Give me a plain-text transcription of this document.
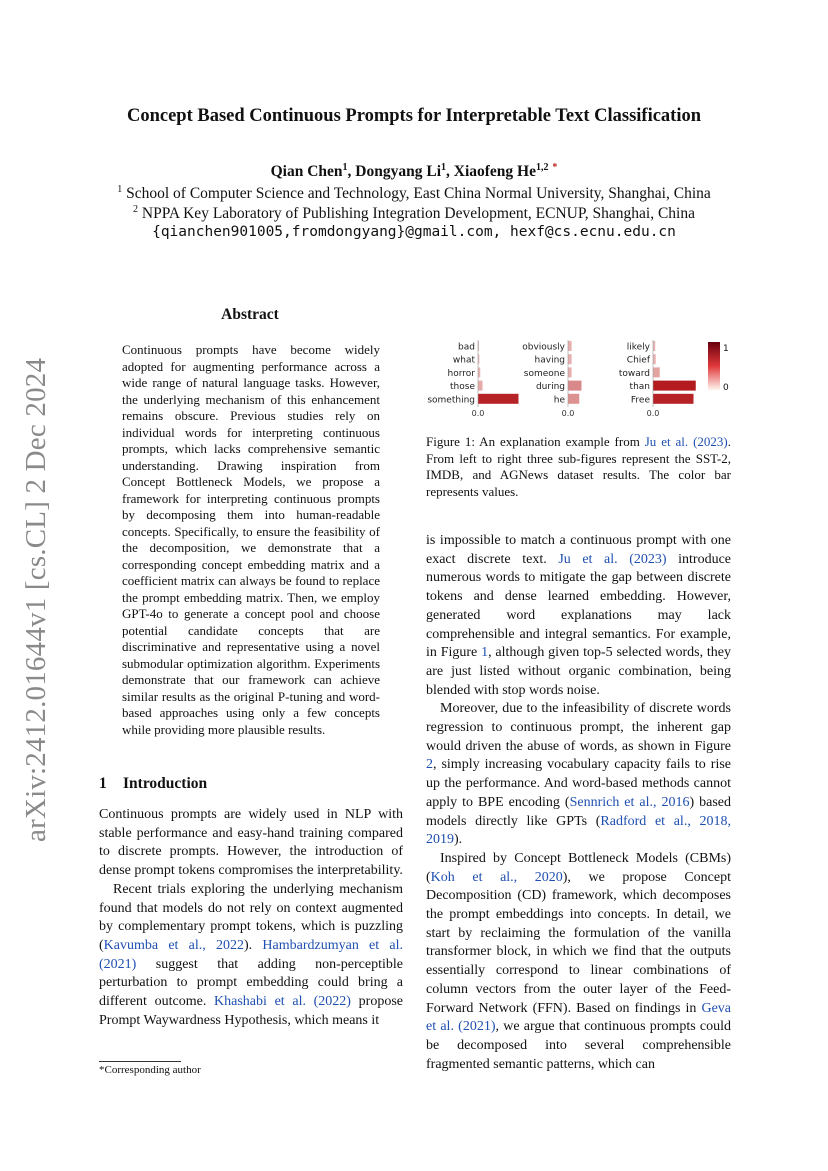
Concept Based Continuous Prompts for Interpretable Text Classification
Qian Chen$^1$, Dongyang Li$^1$, Xiaofeng He$^{1,2}$ *
$^1$ School of Computer Science and Technology, East China Normal University, Shanghai, China
$^2$ NPPA Key Laboratory of Publishing Integration Development, ECNUP, Shanghai, China
{qianchen901005,fromdongyang}@gmail.com, hexf@cs.ecnu.edu.cn
arXiv:2412.01644v1 [cs.CL] 2 Dec 2024
Abstract
Continuous prompts have become widely adopted for augmenting performance across a wide range of natural language tasks. However, the underlying mechanism of this enhancement remains obscure. Previous studies rely on individual words for interpreting continuous prompts, which lacks comprehensive semantic understanding. Drawing inspiration from Concept Bottleneck Models, we propose a framework for interpreting continuous prompts by decomposing them into human-readable concepts. Specifically, to ensure the feasibility of the decomposition, we demonstrate that a corresponding concept embedding matrix and a coefficient matrix can always be found to replace the prompt embedding matrix. Then, we employ GPT-4o to generate a concept pool and choose potential candidate concepts that are discriminative and representative using a novel submodular optimization algorithm. Experiments demonstrate that our framework can achieve similar results as the original P-tuning and word-based approaches using only a few concepts while providing more plausible results.
1 Introduction

Continuous prompts are widely used in NLP with stable performance and easy-hand training compared to discrete prompts. However, the introduction of dense prompt tokens compromises the interpretability.

Recent trials exploring the underlying mechanism found that models do not rely on context augmented by complementary prompt tokens, which is puzzling (Kavumba et al., 2022). Hambardzumyan et al. (2021) suggest that adding non-perceptible perturbation to prompt embedding could bring a different outcome. Khashabi et al. (2022) propose Prompt Waywardness Hypothesis, which means it

*Corresponding author
bad
what
horror
those
something
0.0
obviously
having
someone
during
he
0.0
likely
Chief
toward
than
Free
0.0
1
0
Figure 1: An explanation example from Ju et al. (2023). From left to right three sub-figures represent the SST-2, IMDB, and AGNews dataset results. The color bar represents values.

is impossible to match a continuous prompt with one exact discrete text. Ju et al. (2023) introduce numerous words to mitigate the gap between discrete tokens and dense learned embedding. However, generated word explanations may lack comprehensible and integral semantics. For example, in Figure 1, although given top-5 selected words, they are just listed without organic combination, being blended with stop words noise.

Moreover, due to the infeasibility of discrete words regression to continuous prompt, the inherent gap would driven the abuse of words, as shown in Figure 2, simply increasing vocabulary capacity fails to rise up the performance. And word-based methods cannot apply to BPE encoding (Sennrich et al., 2016) based models directly like GPTs (Radford et al., 2018, 2019).

Inspired by Concept Bottleneck Models (CBMs) (Koh et al., 2020), we propose Concept Decomposition (CD) framework, which decomposes the prompt embeddings into concepts. In detail, we start by reclaiming the formulation of the vanilla transformer block, in which we find that the outputs essentially correspond to linear combinations of column vectors from the outer layer of the Feed-Forward Network (FFN). Based on findings in Geva et al. (2021), we argue that continuous prompts could be decomposed into several comprehensible fragmented semantic patterns, which can
